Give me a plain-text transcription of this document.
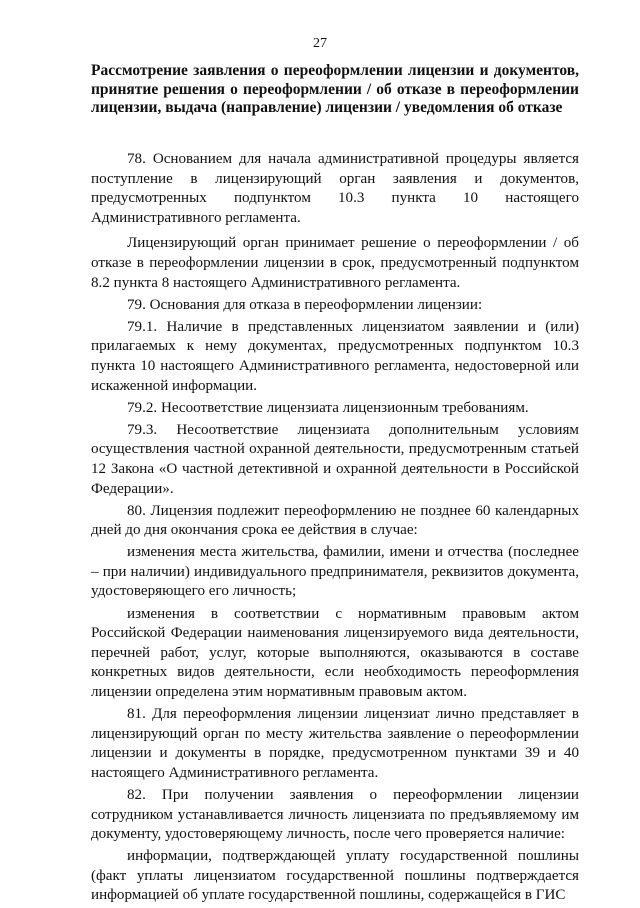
27
Рассмотрение заявления о переоформлении лицензии и документов, принятие решения о переоформлении / об отказе в переоформлении лицензии, выдача (направление) лицензии / уведомления об отказе

78. Основанием для начала административной процедуры является поступление в лицензирующий орган заявления и документов, предусмотренных подпунктом 10.3 пункта 10 настоящего Административного регламента.

Лицензирующий орган принимает решение о переоформлении / об отказе в переоформлении лицензии в срок, предусмотренный подпунктом 8.2 пункта 8 настоящего Административного регламента.

79. Основания для отказа в переоформлении лицензии:

79.1. Наличие в представленных лицензиатом заявлении и (или) прилагаемых к нему документах, предусмотренных подпунктом 10.3 пункта 10 настоящего Административного регламента, недостоверной или искаженной информации.

79.2. Несоответствие лицензиата лицензионным требованиям.

79.3. Несоответствие лицензиата дополнительным условиям осуществления частной охранной деятельности, предусмотренным статьей 12 Закона «О частной детективной и охранной деятельности в Российской Федерации».

80. Лицензия подлежит переоформлению не позднее 60 календарных дней до дня окончания срока ее действия в случае:

изменения места жительства, фамилии, имени и отчества (последнее – при наличии) индивидуального предпринимателя, реквизитов документа, удостоверяющего его личность;

изменения в соответствии с нормативным правовым актом Российской Федерации наименования лицензируемого вида деятельности, перечней работ, услуг, которые выполняются, оказываются в составе конкретных видов деятельности, если необходимость переоформления лицензии определена этим нормативным правовым актом.

81. Для переоформления лицензии лицензиат лично представляет в лицензирующий орган по месту жительства заявление о переоформлении лицензии и документы в порядке, предусмотренном пунктами 39 и 40 настоящего Административного регламента.

82. При получении заявления о переоформлении лицензии сотрудником устанавливается личность лицензиата по предъявляемому им документу, удостоверяющему личность, после чего проверяется наличие:

информации, подтверждающей уплату государственной пошлины (факт уплаты лицензиатом государственной пошлины подтверждается информацией об уплате государственной пошлины, содержащейся в ГИС
